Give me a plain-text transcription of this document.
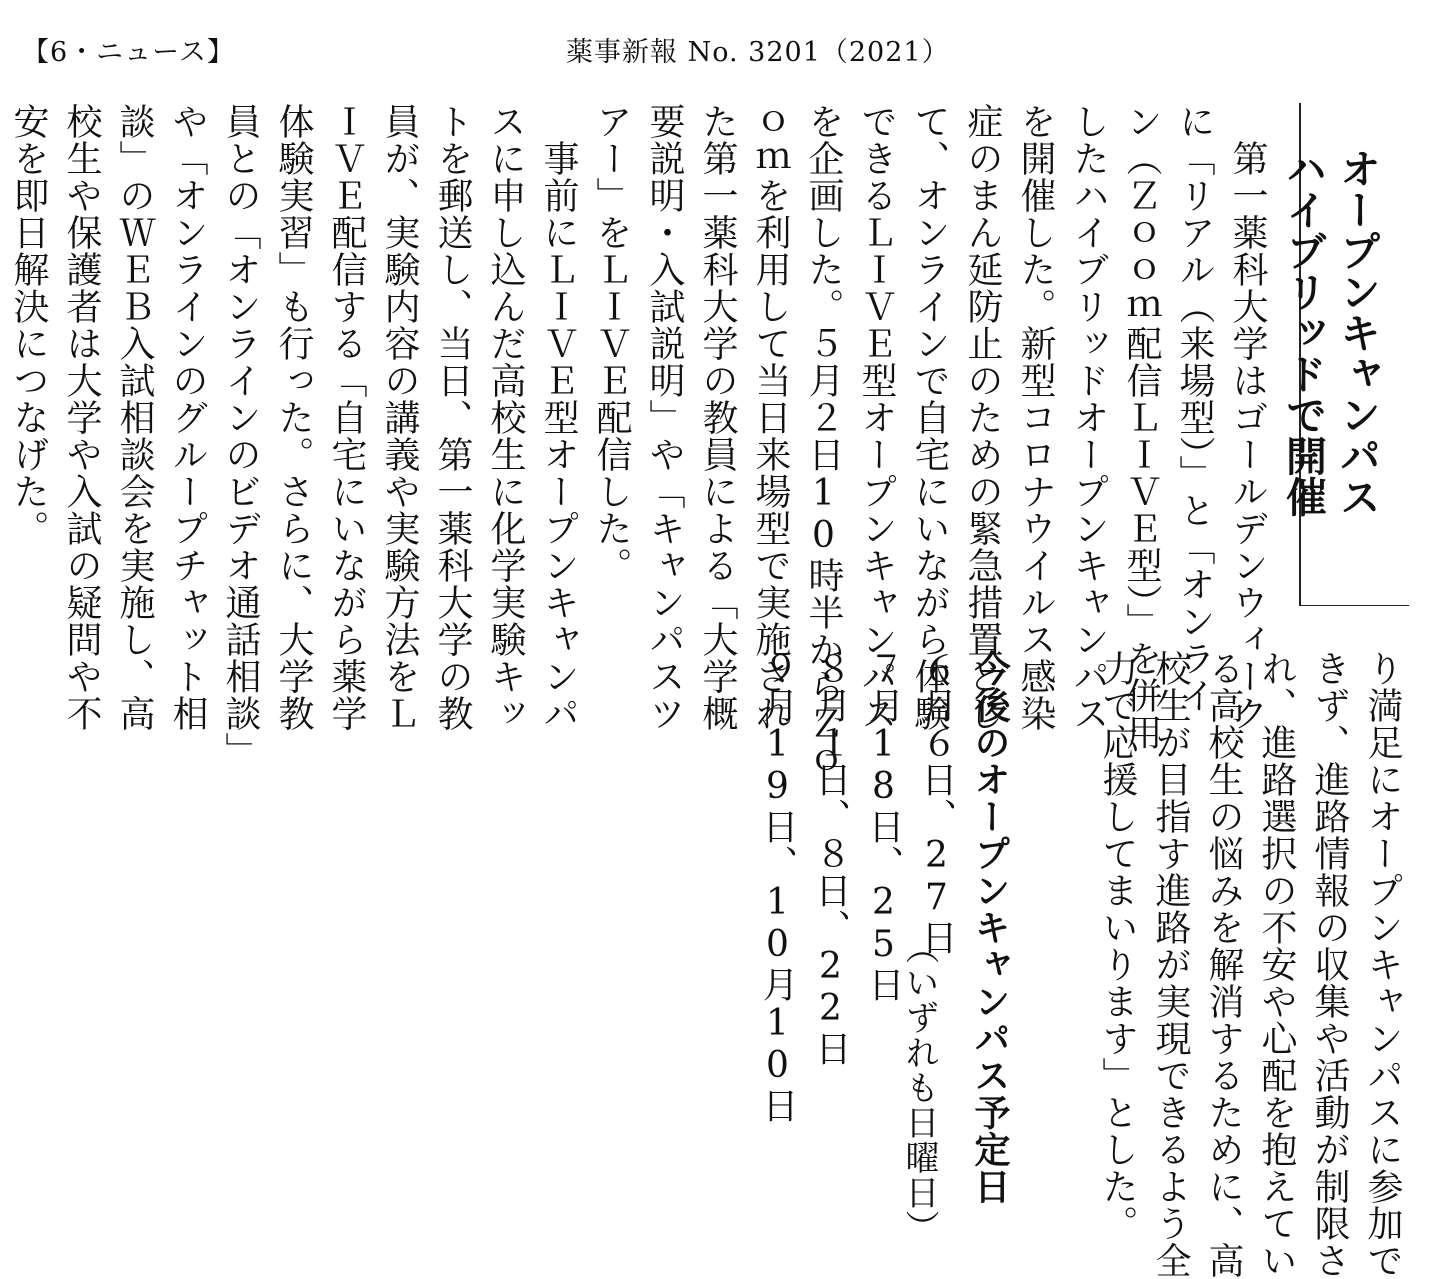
【6・ニュース】	薬事新報 No. 3201（2021）
オープンキャンパス
ハイブリッドで開催
　第一薬科大学はゴールデンウィーク
に「リアル（来場型）」と「オンライ
ン（Ｚｏｏｍ配信ＬＩＶＥ型）」を併用
したハイブリッドオープンキャンパス
を開催した。新型コロナウイルス感染
症のまん延防止のための緊急措置とし
て、オンラインで自宅にいながら体験
できるＬＩＶＥ型オープンキャンパス
を企画した。５月２日10時半からＺｏ
ｏｍを利用して当日来場型で実施され
た第一薬科大学の教員による「大学概
要説明・入試説明」や「キャンパスツ
アー」をＬＩＶＥ配信した。
　事前にＬＩＶＥ型オープンキャンパ
スに申し込んだ高校生に化学実験キッ
トを郵送し、当日、第一薬科大学の教
員が、実験内容の講義や実験方法をＬ
ＩＶＥ配信する「自宅にいながら薬学
体験実習」も行った。さらに、大学教
員との「オンラインのビデオ通話相談」
や「オンラインのグループチャット相
談」のＷＥＢ入試相談会を実施し、高
校生や保護者は大学や入試の疑問や不
安を即日解決につなげた。
り満足にオープンキャンパスに参加で
きず、進路情報の収集や活動が制限さ
れ、進路選択の不安や心配を抱えてい
る高校生の悩みを解消するために、高
校生が目指す進路が実現できるよう全
力で応援してまいります」とした。
今後のオープンキャンパス予定日
６月６日、27日
７月18日、25日
８月１日、８日、22日
９月19日、10月10日	（いずれも日曜日）
